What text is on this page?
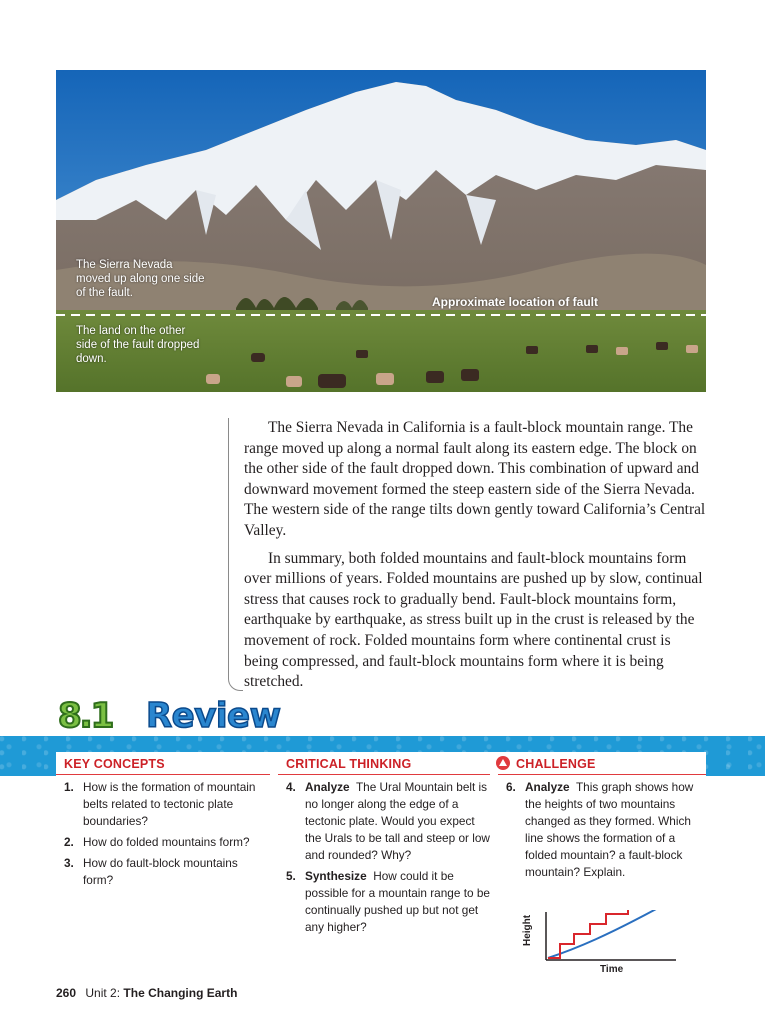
The Sierra Nevada moved up along one side of the fault.
Approximate location of fault
The land on the other side of the fault dropped down.

The Sierra Nevada in California is a fault-block mountain range. The range moved up along a normal fault along its eastern edge. The block on the other side of the fault dropped down. This combination of upward and downward movement formed the steep eastern side of the Sierra Nevada. The western side of the range tilts down gently toward California’s Central Valley.

In summary, both folded mountains and fault-block mountains form over millions of years. Folded mountains are pushed up by slow, continual stress that causes rock to gradually bend. Fault-block mountains form, earthquake by earthquake, as stress built up in the crust is released by the movement of rock. Folded mountains form where continental crust is being compressed, and fault-block mountains form where it is being stretched.

8.1 Review
KEY CONCEPTS
1. How is the formation of mountain belts related to tectonic plate boundaries?
2. How do folded mountains form?
3. How do fault-block mountains form?
CRITICAL THINKING
4. Analyze The Ural Mountain belt is no longer along the edge of a tectonic plate. Would you expect the Urals to be tall and steep or low and rounded? Why?
5. Synthesize How could it be possible for a mountain range to be continually pushed up but not get any higher?
CHALLENGE
6. Analyze This graph shows how the heights of two mountains changed as they formed. Which line shows the formation of a folded mountain? a fault-block mountain? Explain.
Height
Time
260 Unit 2: The Changing Earth
